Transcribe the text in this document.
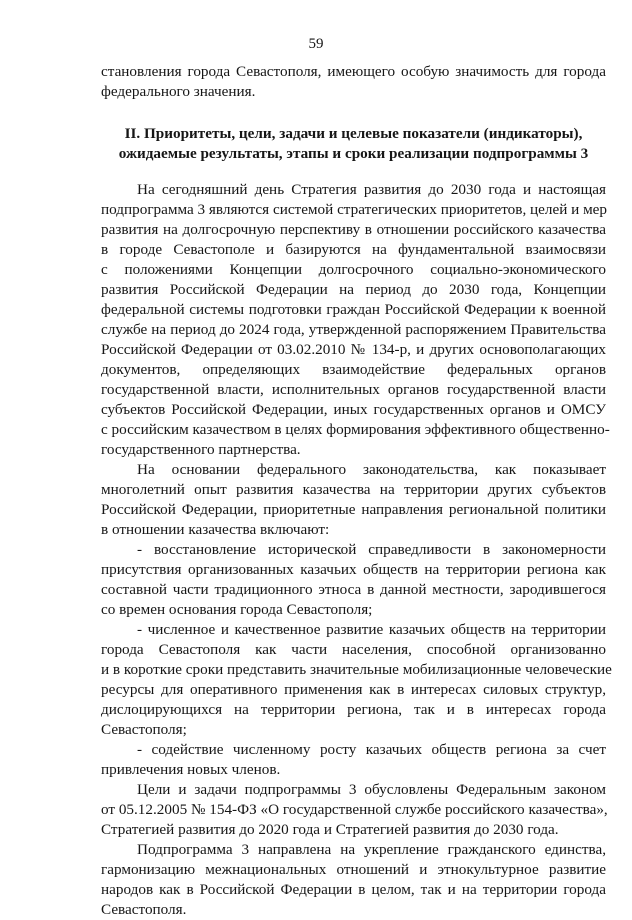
59
становления города Севастополя, имеющего особую значимость для города
федерального значения.
II. Приоритеты, цели, задачи и целевые показатели (индикаторы),
ожидаемые результаты, этапы и сроки реализации подпрограммы 3
На сегодняшний день Стратегия развития до 2030 года и настоящая
подпрограмма 3 являются системой стратегических приоритетов, целей и мер
развития на долгосрочную перспективу в отношении российского казачества
в городе Севастополе и базируются на фундаментальной взаимосвязи
с положениями Концепции долгосрочного социально-экономического
развития Российской Федерации на период до 2030 года, Концепции
федеральной системы подготовки граждан Российской Федерации к военной
службе на период до 2024 года, утвержденной распоряжением Правительства
Российской Федерации от 03.02.2010 № 134-р, и других основополагающих
документов, определяющих взаимодействие федеральных органов
государственной власти, исполнительных органов государственной власти
субъектов Российской Федерации, иных государственных органов и ОМСУ
с российским казачеством в целях формирования эффективного общественно-
государственного партнерства.
На основании федерального законодательства, как показывает
многолетний опыт развития казачества на территории других субъектов
Российской Федерации, приоритетные направления региональной политики
в отношении казачества включают:
- восстановление исторической справедливости в закономерности
присутствия организованных казачьих обществ на территории региона как
составной части традиционного этноса в данной местности, зародившегося
со времен основания города Севастополя;
- численное и качественное развитие казачьих обществ на территории
города Севастополя как части населения, способной организованно
и в короткие сроки представить значительные мобилизационные человеческие
ресурсы для оперативного применения как в интересах силовых структур,
дислоцирующихся на территории региона, так и в интересах города
Севастополя;
- содействие численному росту казачьих обществ региона за счет
привлечения новых членов.
Цели и задачи подпрограммы 3 обусловлены Федеральным законом
от 05.12.2005 № 154-ФЗ «О государственной службе российского казачества»,
Стратегией развития до 2020 года и Стратегией развития до 2030 года.
Подпрограмма 3 направлена на укрепление гражданского единства,
гармонизацию межнациональных отношений и этнокультурное развитие
народов как в Российской Федерации в целом, так и на территории города
Севастополя.
